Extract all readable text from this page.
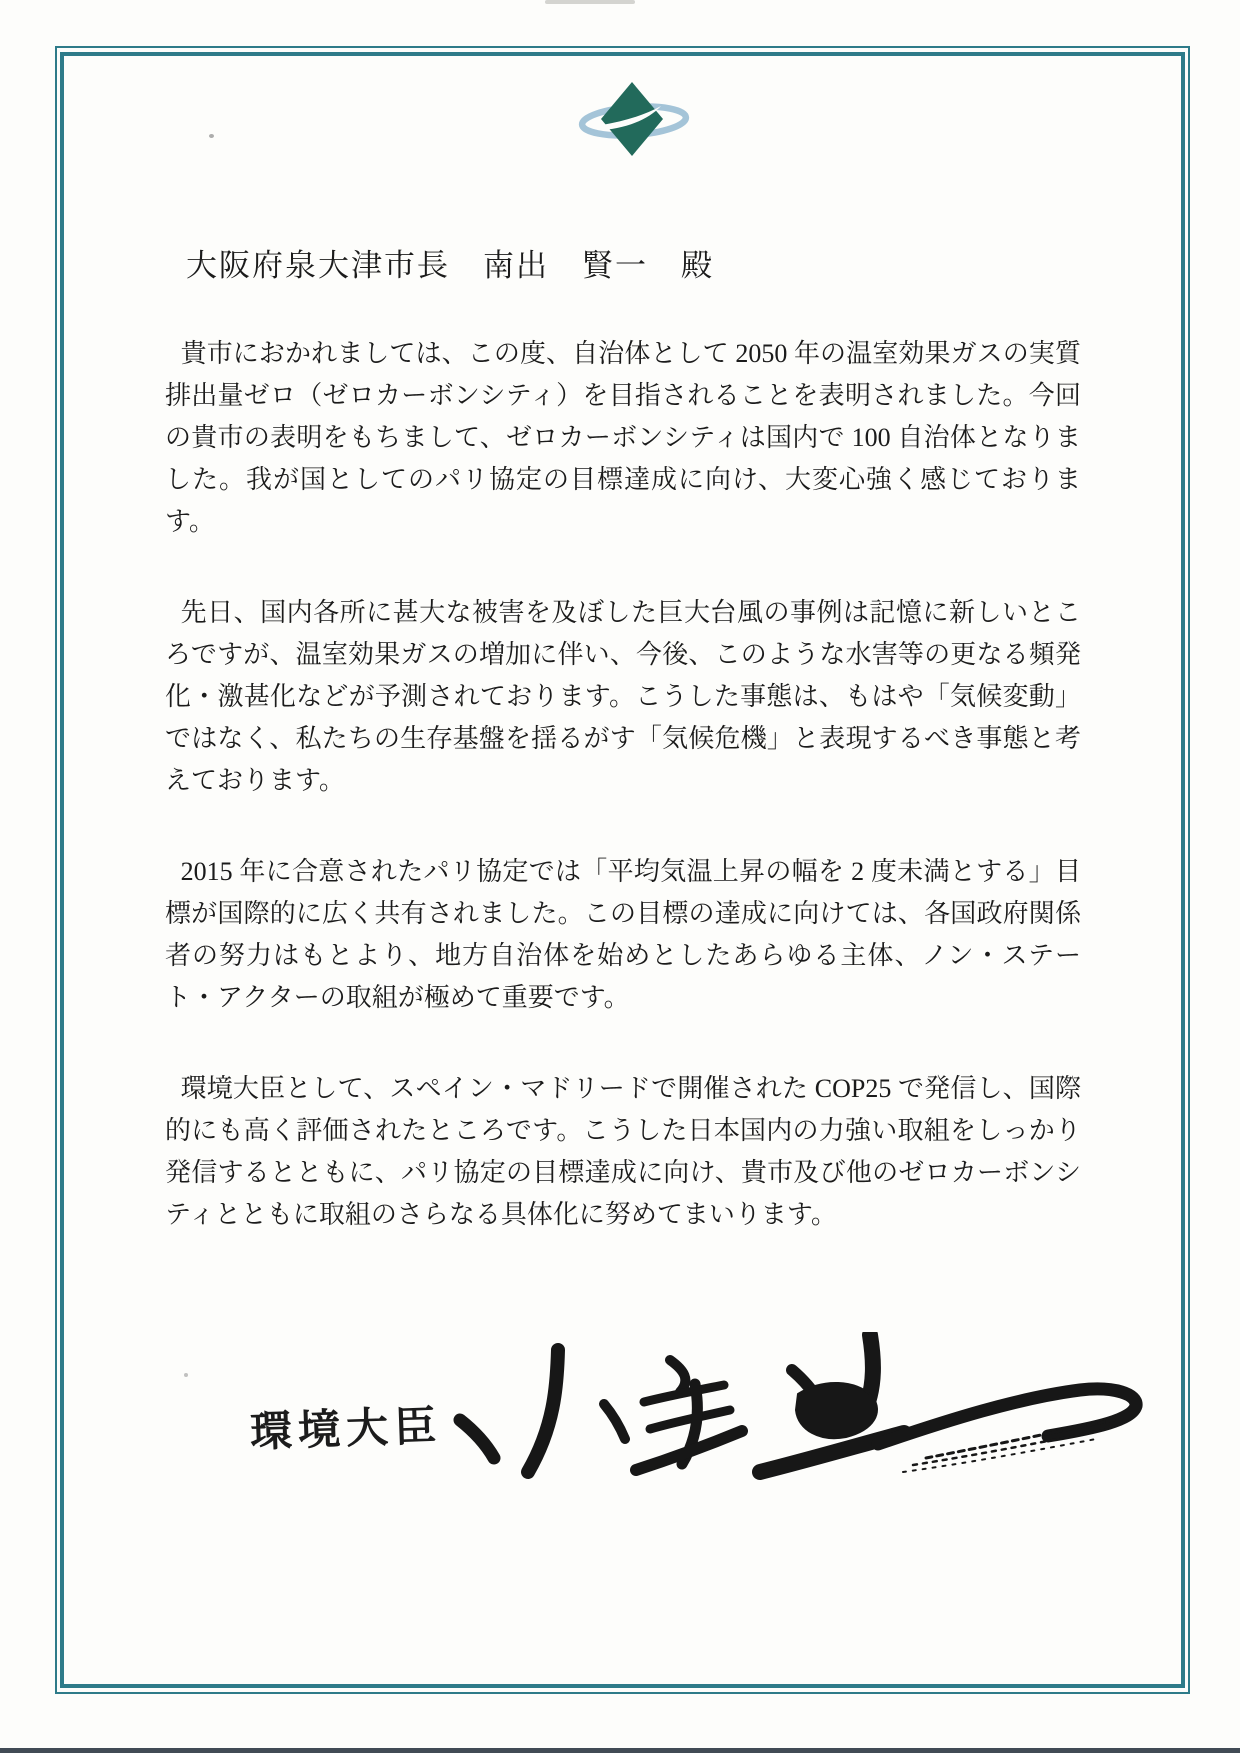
大阪府泉大津市長　南出　賢一　殿

貴市におかれましては、この度、自治体として 2050 年の温室効果ガスの実質排出量ゼロ（ゼロカーボンシティ）を目指されることを表明されました。今回の貴市の表明をもちまして、ゼロカーボンシティは国内で 100 自治体となりました。我が国としてのパリ協定の目標達成に向け、大変心強く感じております。

先日、国内各所に甚大な被害を及ぼした巨大台風の事例は記憶に新しいところですが、温室効果ガスの増加に伴い、今後、このような水害等の更なる頻発化・激甚化などが予測されております。こうした事態は、もはや「気候変動」ではなく、私たちの生存基盤を揺るがす「気候危機」と表現するべき事態と考えております。

2015 年に合意されたパリ協定では「平均気温上昇の幅を 2 度未満とする」目標が国際的に広く共有されました。この目標の達成に向けては、各国政府関係者の努力はもとより、地方自治体を始めとしたあらゆる主体、ノン・ステート・アクターの取組が極めて重要です。

環境大臣として、スペイン・マドリードで開催された COP25 で発信し、国際的にも高く評価されたところです。こうした日本国内の力強い取組をしっかり発信するとともに、パリ協定の目標達成に向け、貴市及び他のゼロカーボンシティとともに取組のさらなる具体化に努めてまいります。

環境大臣
